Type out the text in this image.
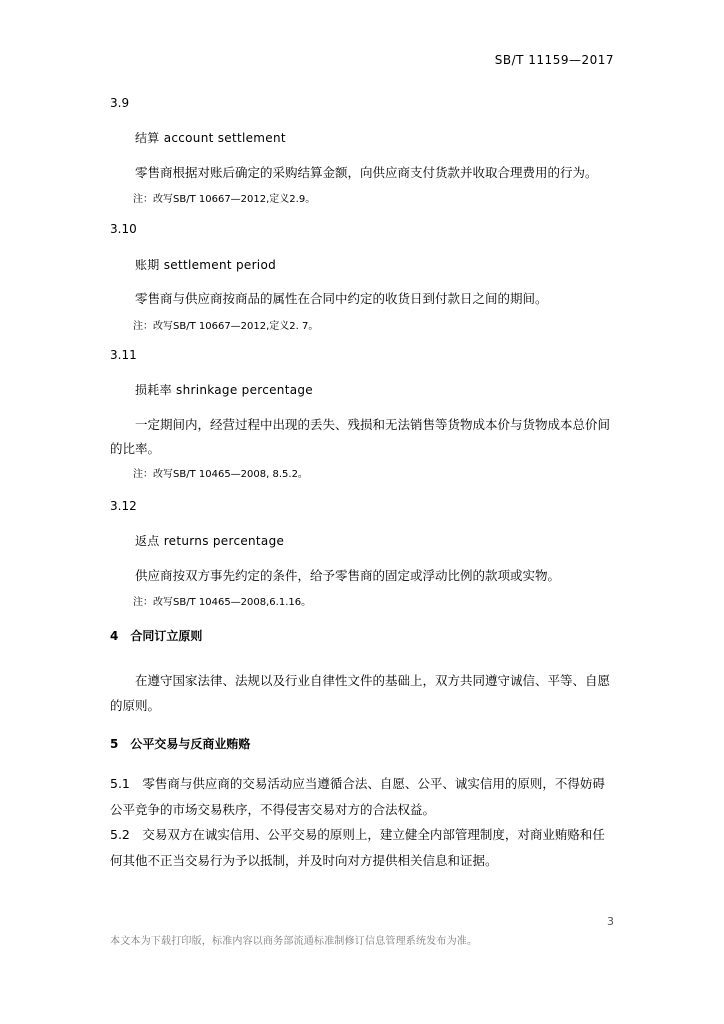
SB/T 11159—2017
3.9
结算 account settlement
零售商根据对账后确定的采购结算金额，向供应商支付货款并收取合理费用的行为。
注：改写SB/T 10667—2012,定义2.9。
3.10
账期 settlement period
零售商与供应商按商品的属性在合同中约定的收货日到付款日之间的期间。
注：改写SB/T 10667—2012,定义2. 7。
3.11
损耗率 shrinkage percentage
一定期间内，经营过程中出现的丢失、残损和无法销售等货物成本价与货物成本总价间
的比率。
注：改写SB/T 10465—2008, 8.5.2。
3.12
返点 returns percentage
供应商按双方事先约定的条件，给予零售商的固定或浮动比例的款项或实物。
注：改写SB/T 10465—2008,6.1.16。
4　合同订立原则
在遵守国家法律、法规以及行业自律性文件的基础上，双方共同遵守诚信、平等、自愿
的原则。
5　公平交易与反商业贿赂
5.1　零售商与供应商的交易活动应当遵循合法、自愿、公平、诚实信用的原则，不得妨碍
公平竞争的市场交易秩序，不得侵害交易对方的合法权益。
5.2　交易双方在诚实信用、公平交易的原则上，建立健全内部管理制度，对商业贿赂和任
何其他不正当交易行为予以抵制，并及时向对方提供相关信息和证据。
3
本文本为下载打印版，标准内容以商务部流通标准制修订信息管理系统发布为准。
